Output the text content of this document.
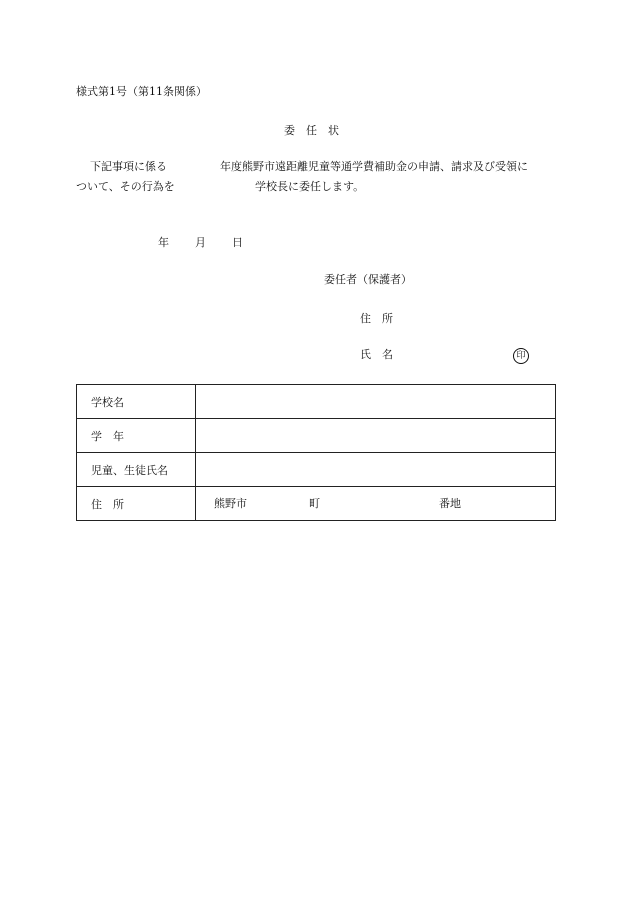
様式第1号（第11条関係）
委　任　状
下記事項に係る	年度熊野市遠距離児童等通学費補助金の申請、請求及び受領に
ついて、その行為を	学校長に委任します。
年 月 日
委任者（保護者）
住　所
氏　名	印
学校名	
学　年	
児童、生徒氏名	
住　所	熊野市 町 番地
